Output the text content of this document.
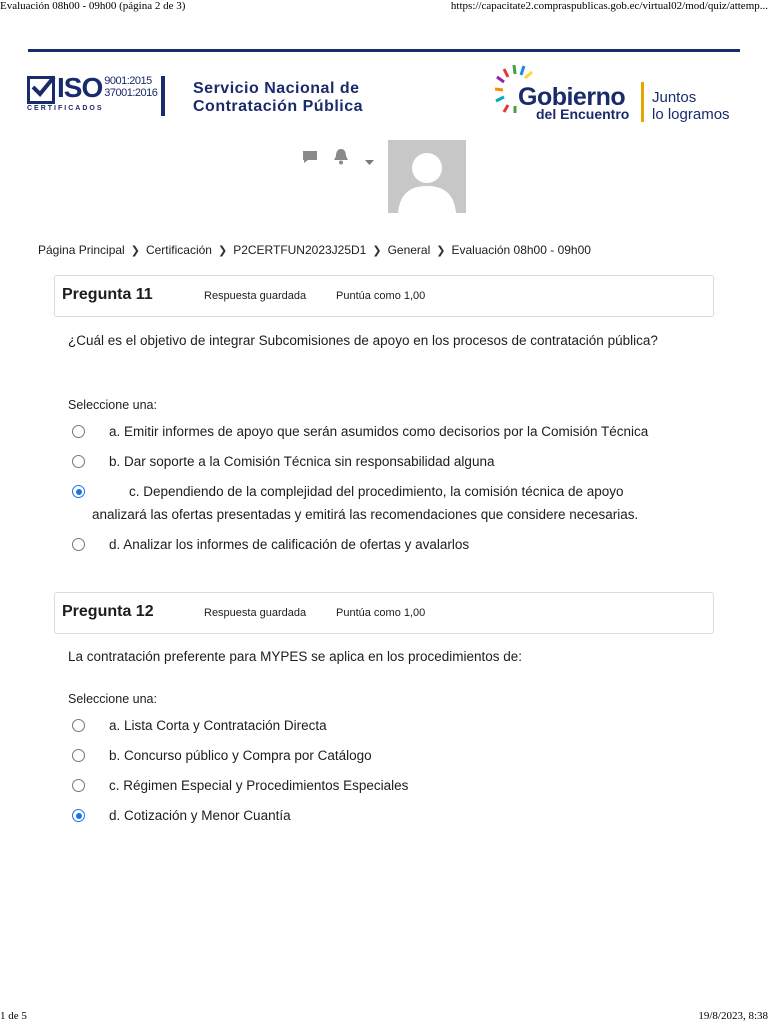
Evaluación 08h00 - 09h00 (página 2 de 3)	https://capacitate2.compraspublicas.gob.ec/virtual02/mod/quiz/attemp...
ISO 9001:2015
37001:2016
CERTIFICADOS
Servicio Nacional de
Contratación Pública	Gobierno
del Encuentro
Juntos
lo logramos
Página Principal ❯ Certificación ❯ P2CERTFUN2023J25D1 ❯ General ❯ Evaluación 08h00 - 09h00
Pregunta 11	Respuesta guardada	Puntúa como 1,00
¿Cuál es el objetivo de integrar Subcomisiones de apoyo en los procesos de contratación pública?
Seleccione una:
a. Emitir informes de apoyo que serán asumidos como decisorios por la Comisión Técnica
b. Dar soporte a la Comisión Técnica sin responsabilidad alguna
c. Dependiendo de la complejidad del procedimiento, la comisión técnica de apoyo analizará las ofertas presentadas y emitirá las recomendaciones que considere necesarias.
d. Analizar los informes de calificación de ofertas y avalarlos
Pregunta 12	Respuesta guardada	Puntúa como 1,00
La contratación preferente para MYPES se aplica en los procedimientos de:
Seleccione una:
a. Lista Corta y Contratación Directa
b. Concurso público y Compra por Catálogo
c. Régimen Especial y Procedimientos Especiales
d. Cotización y Menor Cuantía
1 de 5	19/8/2023, 8:38
